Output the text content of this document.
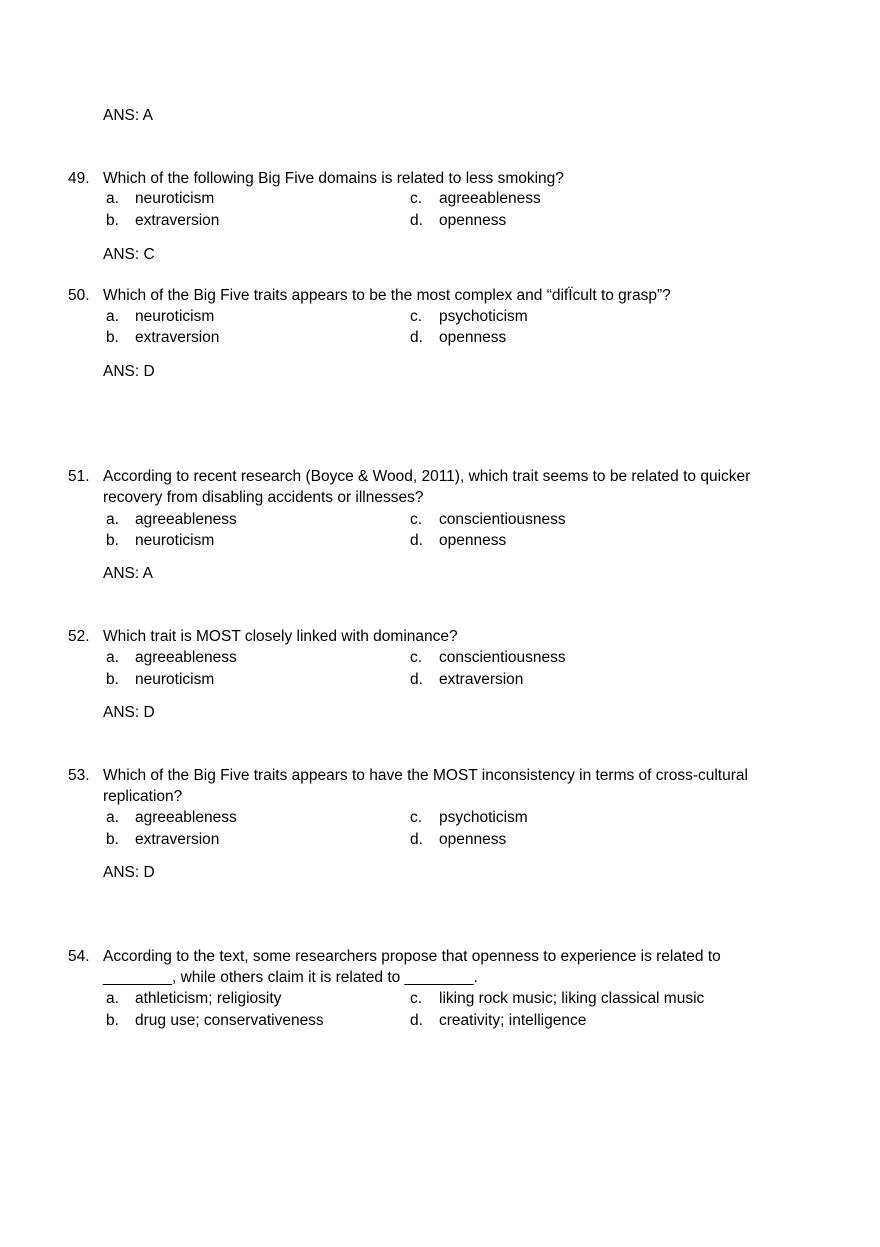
ANS: A
49. Which of the following Big Five domains is related to less smoking?
a. neuroticism
b. extraversion
c. agreeableness
d. openness
ANS: C
50. Which of the Big Five traits appears to be the most complex and “difÏcult to grasp”?
a. neuroticism
b. extraversion
c. psychoticism
d. openness
ANS: D
51. According to recent research (Boyce & Wood, 2011), which trait seems to be related to quicker recovery from disabling accidents or illnesses?
a. agreeableness
b. neuroticism
c. conscientiousness
d. openness
ANS: A
52. Which trait is MOST closely linked with dominance?
a. agreeableness
b. neuroticism
c. conscientiousness
d. extraversion
ANS: D
53. Which of the Big Five traits appears to have the MOST inconsistency in terms of cross-cultural replication?
a. agreeableness
b. extraversion
c. psychoticism
d. openness
ANS: D
54. According to the text, some researchers propose that openness to experience is related to ________, while others claim it is related to ________.
a. athleticism; religiosity
b. drug use; conservativeness
c. liking rock music; liking classical music
d. creativity; intelligence
